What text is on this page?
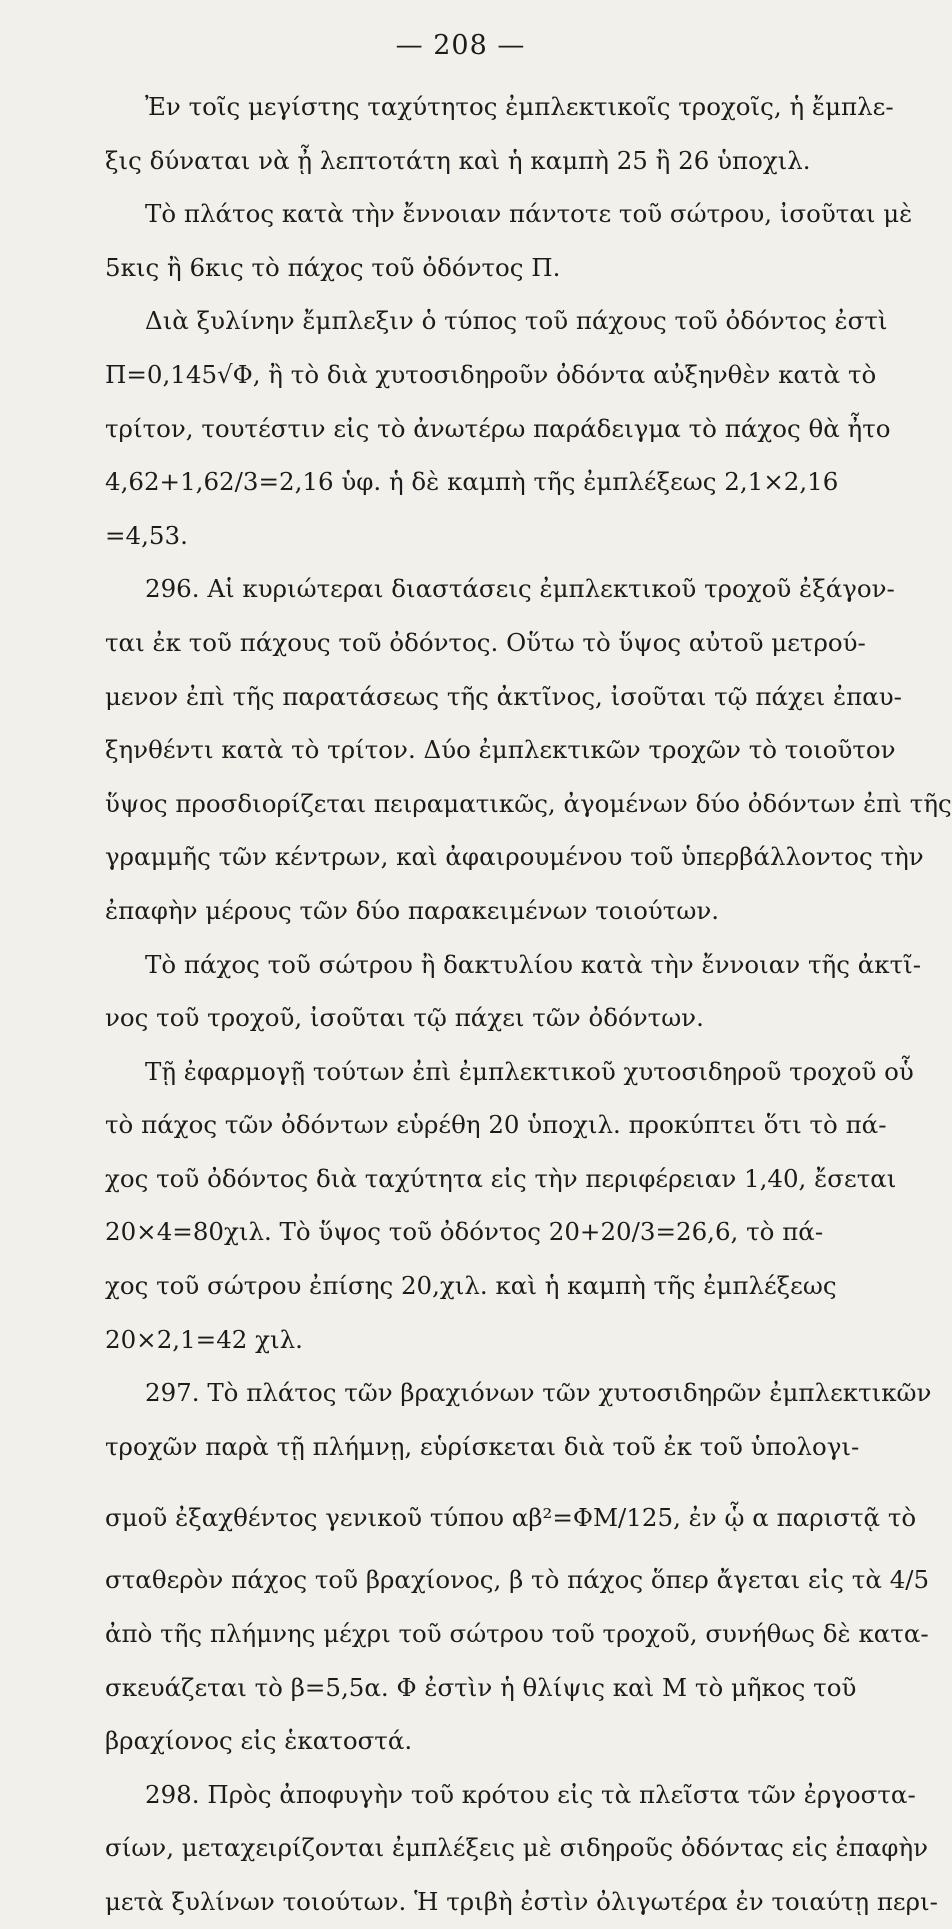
— 208 —
Ἐν τοῖς μεγίστης ταχύτητος ἐμπλεκτικοῖς τροχοῖς, ἡ ἔμπλε-
ξις δύναται νὰ ᾖ λεπτοτάτη καὶ ἡ καμπὴ 25 ἢ 26 ὑποχιλ.
Τὸ πλάτος κατὰ τὴν ἔννοιαν πάντοτε τοῦ σώτρου, ἰσοῦται μὲ
5κις ἢ 6κις τὸ πάχος τοῦ ὀδόντος Π.
Διὰ ξυλίνην ἔμπλεξιν ὁ τύπος τοῦ πάχους τοῦ ὀδόντος ἐστὶ
Π=0,145√Φ, ἢ τὸ διὰ χυτοσιδηροῦν ὀδόντα αὐξηνθὲν κατὰ τὸ
τρίτον, τουτέστιν εἰς τὸ ἀνωτέρω παράδειγμα τὸ πάχος θὰ ἦτο
4,62+1,62/3=2,16 ὑφ. ἡ δὲ καμπὴ τῆς ἐμπλέξεως 2,1×2,16
=4,53.
296. Αἱ κυριώτεραι διαστάσεις ἐμπλεκτικοῦ τροχοῦ ἐξάγον-
ται ἐκ τοῦ πάχους τοῦ ὀδόντος. Οὕτω τὸ ὕψος αὐτοῦ μετρού-
μενον ἐπὶ τῆς παρατάσεως τῆς ἀκτῖνος, ἰσοῦται τῷ πάχει ἐπαυ-
ξηνθέντι κατὰ τὸ τρίτον. Δύο ἐμπλεκτικῶν τροχῶν τὸ τοιοῦτον
ὕψος προσδιορίζεται πειραματικῶς, ἀγομένων δύο ὀδόντων ἐπὶ τῆς
γραμμῆς τῶν κέντρων, καὶ ἀφαιρουμένου τοῦ ὑπερβάλλοντος τὴν
ἐπαφὴν μέρους τῶν δύο παρακειμένων τοιούτων.
Τὸ πάχος τοῦ σώτρου ἢ δακτυλίου κατὰ τὴν ἔννοιαν τῆς ἀκτῖ-
νος τοῦ τροχοῦ, ἰσοῦται τῷ πάχει τῶν ὀδόντων.
Τῇ ἐφαρμογῇ τούτων ἐπὶ ἐμπλεκτικοῦ χυτοσιδηροῦ τροχοῦ οὗ
τὸ πάχος τῶν ὀδόντων εὑρέθη 20 ὑποχιλ. προκύπτει ὅτι τὸ πά-
χος τοῦ ὀδόντος διὰ ταχύτητα εἰς τὴν περιφέρειαν 1,40, ἔσεται
20×4=80χιλ. Τὸ ὕψος τοῦ ὀδόντος 20+20/3=26,6, τὸ πά-
χος τοῦ σώτρου ἐπίσης 20,χιλ. καὶ ἡ καμπὴ τῆς ἐμπλέξεως
20×2,1=42 χιλ.
297. Τὸ πλάτος τῶν βραχιόνων τῶν χυτοσιδηρῶν ἐμπλεκτικῶν
τροχῶν παρὰ τῇ πλήμνῃ, εὑρίσκεται διὰ τοῦ ἐκ τοῦ ὑπολογι-
σμοῦ ἐξαχθέντος γενικοῦ τύπου αβ²=ΦΜ/125, ἐν ᾧ α παριστᾷ τὸ
σταθερὸν πάχος τοῦ βραχίονος, β τὸ πάχος ὅπερ ἄγεται εἰς τὰ 4/5
ἀπὸ τῆς πλήμνης μέχρι τοῦ σώτρου τοῦ τροχοῦ, συνήθως δὲ κατα-
σκευάζεται τὸ β=5,5α. Φ ἐστὶν ἡ θλίψις καὶ Μ τὸ μῆκος τοῦ
βραχίονος εἰς ἑκατοστά.
298. Πρὸς ἀποφυγὴν τοῦ κρότου εἰς τὰ πλεῖστα τῶν ἐργοστα-
σίων, μεταχειρίζονται ἐμπλέξεις μὲ σιδηροῦς ὀδόντας εἰς ἐπαφὴν
μετὰ ξυλίνων τοιούτων. Ἡ τριβὴ ἐστὶν ὀλιγωτέρα ἐν τοιαύτῃ περι-
